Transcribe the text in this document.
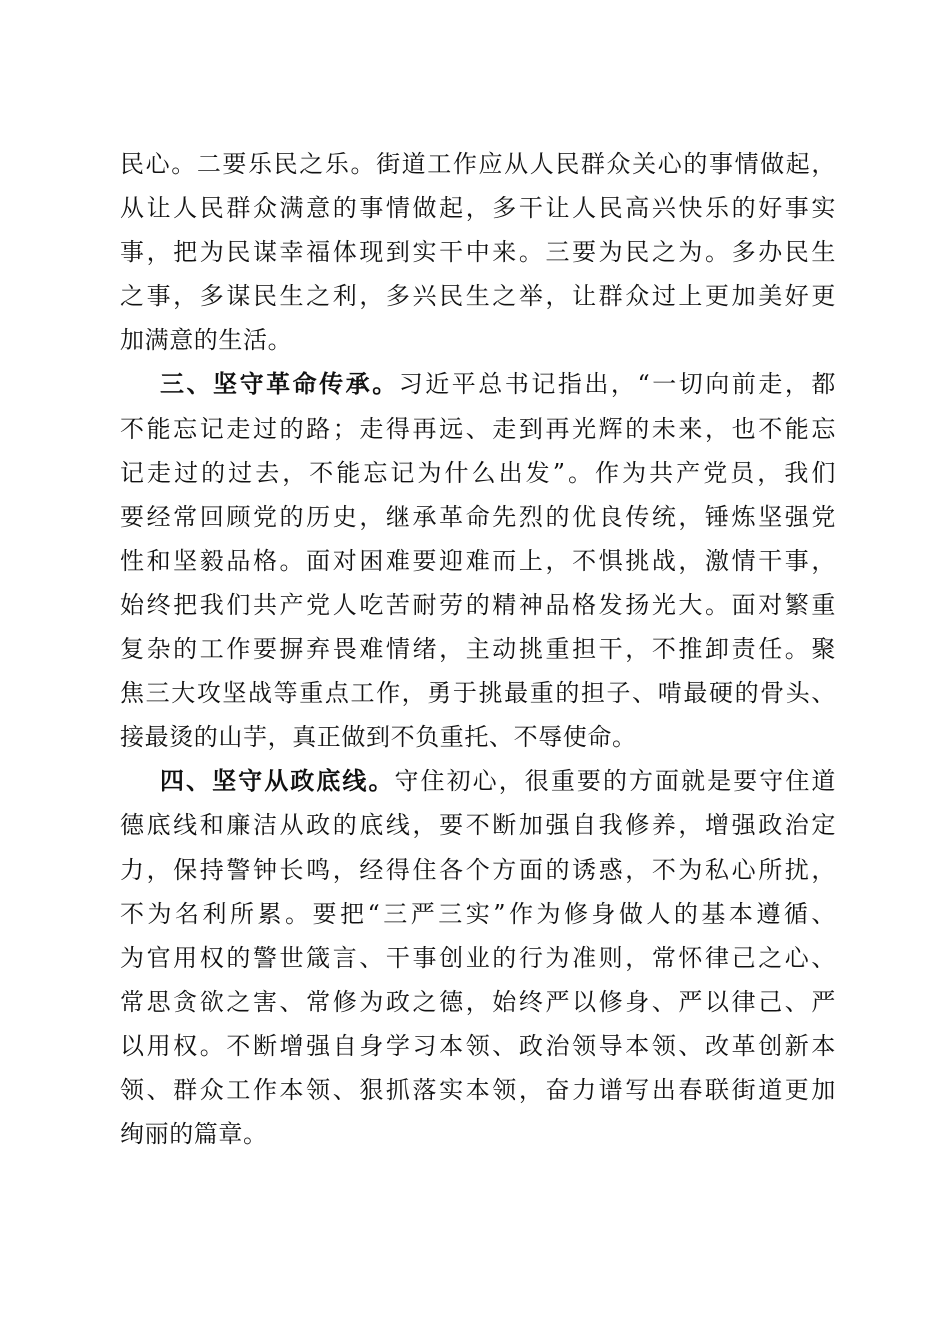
民心。二要乐民之乐。街道工作应从人民群众关心的事情做起，
从让人民群众满意的事情做起，多干让人民高兴快乐的好事实
事，把为民谋幸福体现到实干中来。三要为民之为。多办民生
之事，多谋民生之利，多兴民生之举，让群众过上更加美好更
加满意的生活。
三、坚守革命传承。习近平总书记指出，“一切向前走，都
不能忘记走过的路；走得再远、走到再光辉的未来，也不能忘
记走过的过去，不能忘记为什么出发”。作为共产党员，我们
要经常回顾党的历史，继承革命先烈的优良传统，锤炼坚强党
性和坚毅品格。面对困难要迎难而上，不惧挑战，激情干事，
始终把我们共产党人吃苦耐劳的精神品格发扬光大。面对繁重
复杂的工作要摒弃畏难情绪，主动挑重担干，不推卸责任。聚
焦三大攻坚战等重点工作，勇于挑最重的担子、啃最硬的骨头、
接最烫的山芋，真正做到不负重托、不辱使命。
四、坚守从政底线。守住初心，很重要的方面就是要守住道
德底线和廉洁从政的底线，要不断加强自我修养，增强政治定
力，保持警钟长鸣，经得住各个方面的诱惑，不为私心所扰，
不为名利所累。要把“三严三实”作为修身做人的基本遵循、
为官用权的警世箴言、干事创业的行为准则，常怀律己之心、
常思贪欲之害、常修为政之德，始终严以修身、严以律己、严
以用权。不断增强自身学习本领、政治领导本领、改革创新本
领、群众工作本领、狠抓落实本领，奋力谱写出春联街道更加
绚丽的篇章。
